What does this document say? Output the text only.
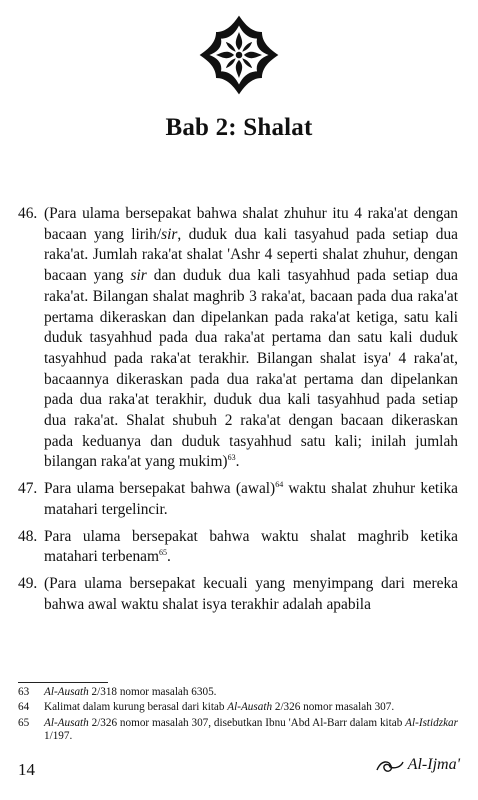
Bab 2: Shalat
46. (Para ulama bersepakat bahwa shalat zhuhur itu 4 raka'at dengan bacaan yang lirih/sir, duduk dua kali tasyahud pada setiap dua raka'at. Jumlah raka'at shalat 'Ashr 4 seperti shalat zhuhur, dengan bacaan yang sir dan duduk dua kali tasyahhud pada setiap dua raka'at. Bilangan shalat maghrib 3 raka'at, bacaan pada dua raka'at pertama dikeraskan dan dipelankan pada raka'at ketiga, satu kali duduk tasyahhud pada dua raka'at pertama dan satu kali duduk tasyahhud pada raka'at terakhir. Bilangan shalat isya' 4 raka'at, bacaannya dikeraskan pada dua raka'at pertama dan dipelankan pada dua raka'at terakhir, duduk dua kali tasyahhud pada setiap dua raka'at. Shalat shubuh 2 raka'at dengan bacaan dikeraskan pada keduanya dan duduk tasyahhud satu kali; inilah jumlah bilangan raka'at yang mukim)$^{63}$.
47. Para ulama bersepakat bahwa (awal)$^{64}$ waktu shalat zhuhur ketika matahari tergelincir.
48. Para ulama bersepakat bahwa waktu shalat maghrib ketika matahari terbenam$^{65}$.
49. (Para ulama bersepakat kecuali yang menyimpang dari mereka bahwa awal waktu shalat isya terakhir adalah apabila
63	Al-Ausath 2/318 nomor masalah 6305.
64	Kalimat dalam kurung berasal dari kitab Al-Ausath 2/326 nomor masalah 307.
65	Al-Ausath 2/326 nomor masalah 307, disebutkan Ibnu 'Abd Al-Barr dalam kitab Al-Istidzkar 1/197.
14	Al-Ijma'
